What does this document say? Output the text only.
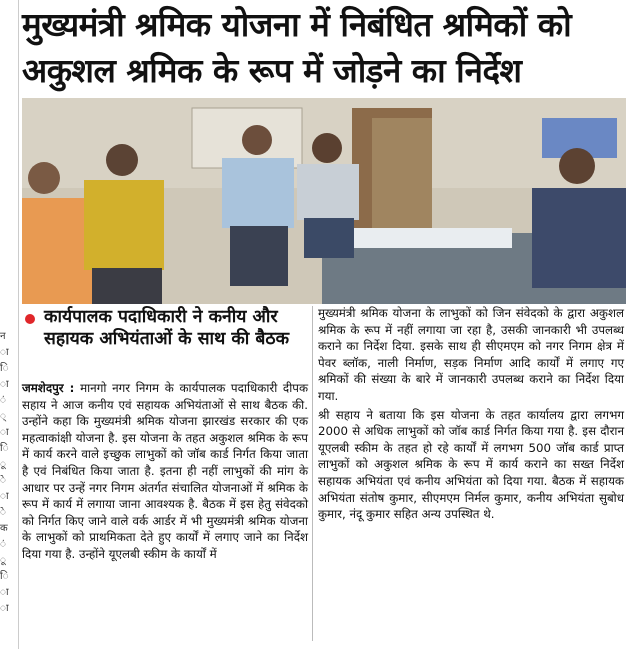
न
ा
ि
ा
ं
्
ा
ि
ू
े
ा
े
क
ं
ू
ि
ा
ा
मुख्यमंत्री श्रमिक योजना में निबंधित श्रमिकों को अकुशल श्रमिक के रूप में जोड़ने का निर्देश
कार्यपालक पदाधिकारी ने कनीय और सहायक अभियंताओं के साथ की बैठक

जमशेदपुर : मानगो नगर निगम के कार्यपालक पदाधिकारी दीपक सहाय ने आज कनीय एवं सहायक अभियंताओं से साथ बैठक की. उन्होंने कहा कि मुख्यमंत्री श्रमिक योजना झारखंड सरकार की एक महत्वाकांक्षी योजना है. इस योजना के तहत अकुशल श्रमिक के रूप में कार्य करने वाले इच्छुक लाभुकों को जॉब कार्ड निर्गत किया जाता है एवं निबंधित किया जाता है. इतना ही नहीं लाभुकों की मांग के आधार पर उन्हें नगर निगम अंतर्गत संचालित योजनाओं में श्रमिक के रूप में कार्य में लगाया जाना आवश्यक है. बैठक में इस हेतु संवेदको को निर्गत किए जाने वाले वर्क आर्डर में भी मुख्यमंत्री श्रमिक योजना के लाभुकों को प्राथमिकता देते हुए कार्यों में लगाए जाने का निर्देश दिया गया है. उन्होंने यूएलबी स्कीम के कार्यों में

मुख्यमंत्री श्रमिक योजना के लाभुकों को जिन संवेदको के द्वारा अकुशल श्रमिक के रूप में नहीं लगाया जा रहा है, उसकी जानकारी भी उपलब्ध कराने का निर्देश दिया. इसके साथ ही सीएमएम को नगर निगम क्षेत्र में पेवर ब्लॉक, नाली निर्माण, सड़क निर्माण आदि कार्यों में लगाए गए श्रमिकों की संख्या के बारे में जानकारी उपलब्ध कराने का निर्देश दिया गया.

श्री सहाय ने बताया कि इस योजना के तहत कार्यालय द्वारा लगभग 2000 से अधिक लाभुकों को जॉब कार्ड निर्गत किया गया है. इस दौरान यूएलबी स्कीम के तहत हो रहे कार्यों में लगभग 500 जॉब कार्ड प्राप्त लाभुकों को अकुशल श्रमिक के रूप में कार्य कराने का सख्त निर्देश सहायक अभियंता एवं कनीय अभियंता को दिया गया. बैठक में सहायक अभियंता संतोष कुमार, सीएमएम निर्मल कुमार, कनीय अभियंता सुबोध कुमार, नंदू कुमार सहित अन्य उपस्थित थे.
